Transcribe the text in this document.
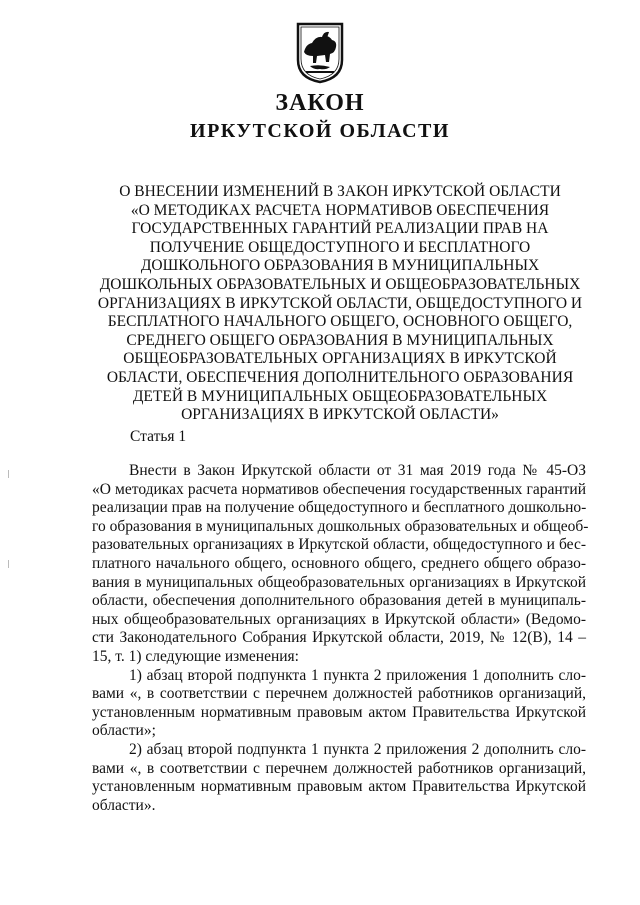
ЗАКОН
ИРКУТСКОЙ ОБЛАСТИ
О ВНЕСЕНИИ ИЗМЕНЕНИЙ В ЗАКОН ИРКУТСКОЙ ОБЛАСТИ
«О МЕТОДИКАХ РАСЧЕТА НОРМАТИВОВ ОБЕСПЕЧЕНИЯ
ГОСУДАРСТВЕННЫХ ГАРАНТИЙ РЕАЛИЗАЦИИ ПРАВ НА
ПОЛУЧЕНИЕ ОБЩЕДОСТУПНОГО И БЕСПЛАТНОГО
ДОШКОЛЬНОГО ОБРАЗОВАНИЯ В МУНИЦИПАЛЬНЫХ
ДОШКОЛЬНЫХ ОБРАЗОВАТЕЛЬНЫХ И ОБЩЕОБРАЗОВАТЕЛЬНЫХ
ОРГАНИЗАЦИЯХ В ИРКУТСКОЙ ОБЛАСТИ, ОБЩЕДОСТУПНОГО И
БЕСПЛАТНОГО НАЧАЛЬНОГО ОБЩЕГО, ОСНОВНОГО ОБЩЕГО,
СРЕДНЕГО ОБЩЕГО ОБРАЗОВАНИЯ В МУНИЦИПАЛЬНЫХ
ОБЩЕОБРАЗОВАТЕЛЬНЫХ ОРГАНИЗАЦИЯХ В ИРКУТСКОЙ
ОБЛАСТИ, ОБЕСПЕЧЕНИЯ ДОПОЛНИТЕЛЬНОГО ОБРАЗОВАНИЯ
ДЕТЕЙ В МУНИЦИПАЛЬНЫХ ОБЩЕОБРАЗОВАТЕЛЬНЫХ
ОРГАНИЗАЦИЯХ В ИРКУТСКОЙ ОБЛАСТИ»

Статья 1

Внести в Закон Иркутской области от 31 мая 2019 года № 45-ОЗ
«О методиках расчета нормативов обеспечения государственных гарантий
реализации прав на получение общедоступного и бесплатного дошкольно-
го образования в муниципальных дошкольных образовательных и общеоб-
разовательных организациях в Иркутской области, общедоступного и бес-
платного начального общего, основного общего, среднего общего образо-
вания в муниципальных общеобразовательных организациях в Иркутской
области, обеспечения дополнительного образования детей в муниципаль-
ных общеобразовательных организациях в Иркутской области» (Ведомо-
сти Законодательного Собрания Иркутской области, 2019, № 12(В), 14 –
15, т. 1) следующие изменения:
1) абзац второй подпункта 1 пункта 2 приложения 1 дополнить сло-
вами «, в соответствии с перечнем должностей работников организаций,
установленным нормативным правовым актом Правительства Иркутской
области»;
2) абзац второй подпункта 1 пункта 2 приложения 2 дополнить сло-
вами «, в соответствии с перечнем должностей работников организаций,
установленным нормативным правовым актом Правительства Иркутской
области».
